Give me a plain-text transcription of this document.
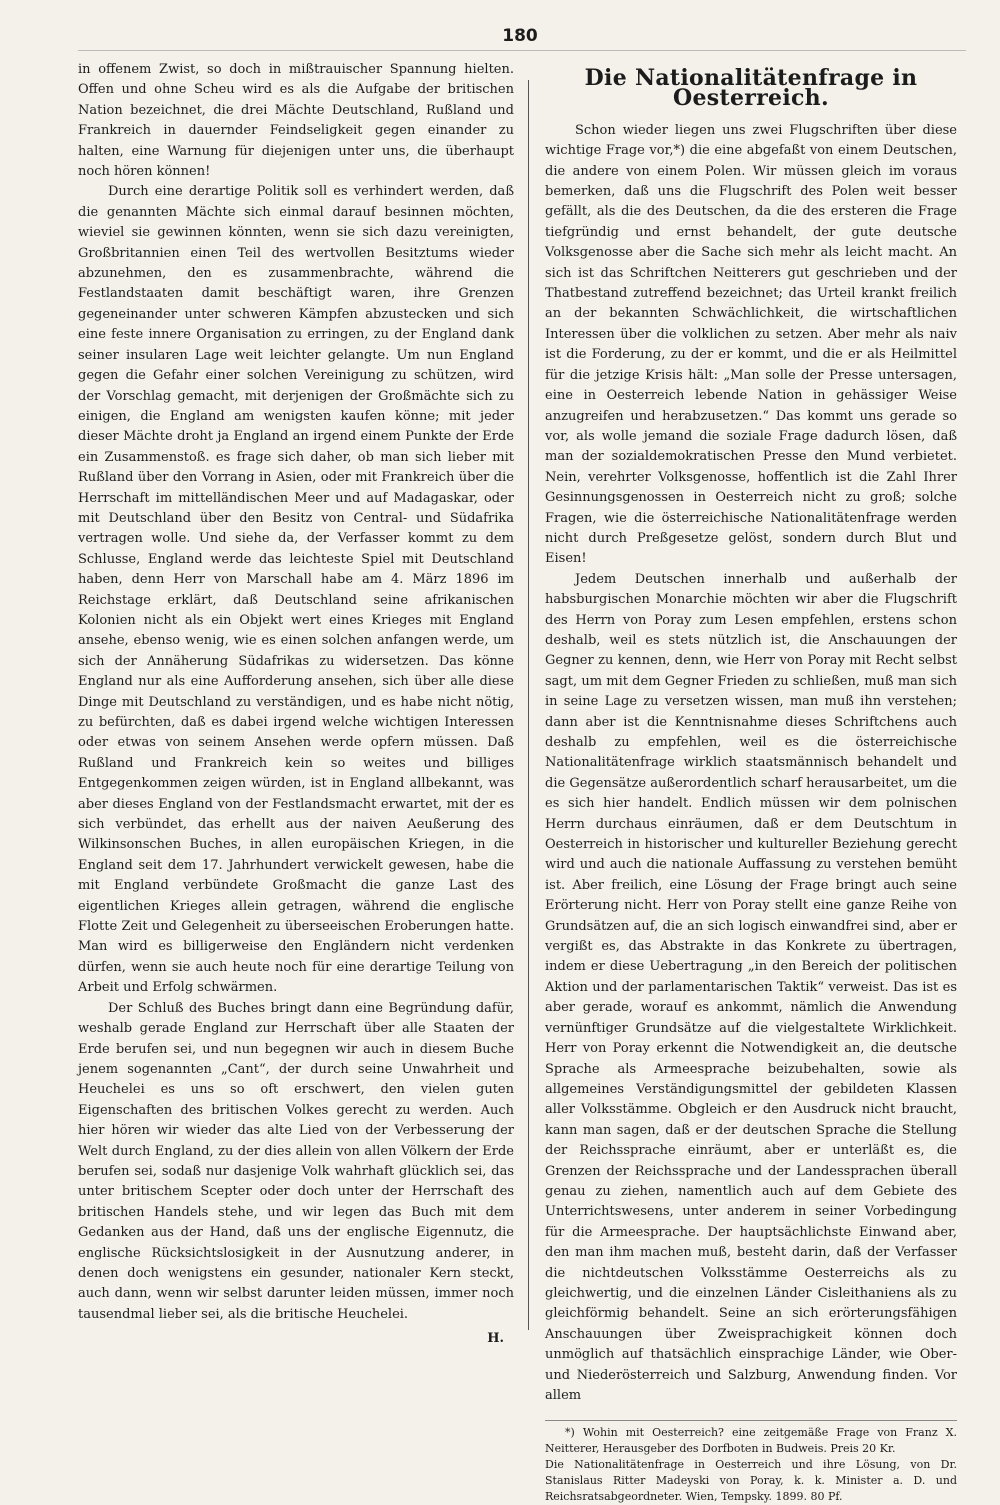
180

in offenem Zwist, so doch in mißtrauischer Spannung hielten. Offen und ohne Scheu wird es als die Aufgabe der britischen Nation bezeichnet, die drei Mächte Deutschland, Rußland und Frankreich in dauernder Feindseligkeit gegen einander zu halten, eine Warnung für diejenigen unter uns, die überhaupt noch hören können!

Durch eine derartige Politik soll es verhindert werden, daß die genannten Mächte sich einmal darauf besinnen möchten, wieviel sie gewinnen könnten, wenn sie sich dazu vereinigten, Großbritannien einen Teil des wertvollen Besitztums wieder abzunehmen, den es zusammenbrachte, während die Festlandstaaten damit beschäftigt waren, ihre Grenzen gegeneinander unter schweren Kämpfen abzustecken und sich eine feste innere Organisation zu erringen, zu der England dank seiner insularen Lage weit leichter gelangte. Um nun England gegen die Gefahr einer solchen Vereinigung zu schützen, wird der Vorschlag gemacht, mit derjenigen der Großmächte sich zu einigen, die England am wenigsten kaufen könne; mit jeder dieser Mächte droht ja England an irgend einem Punkte der Erde ein Zusammenstoß. es frage sich daher, ob man sich lieber mit Rußland über den Vorrang in Asien, oder mit Frankreich über die Herrschaft im mittelländischen Meer und auf Madagaskar, oder mit Deutschland über den Besitz von Central- und Südafrika vertragen wolle. Und siehe da, der Verfasser kommt zu dem Schlusse, England werde das leichteste Spiel mit Deutschland haben, denn Herr von Marschall habe am 4. März 1896 im Reichstage erklärt, daß Deutschland seine afrikanischen Kolonien nicht als ein Objekt wert eines Krieges mit England ansehe, ebenso wenig, wie es einen solchen anfangen werde, um sich der Annäherung Südafrikas zu widersetzen. Das könne England nur als eine Aufforderung ansehen, sich über alle diese Dinge mit Deutschland zu verständigen, und es habe nicht nötig, zu befürchten, daß es dabei irgend welche wichtigen Interessen oder etwas von seinem Ansehen werde opfern müssen. Daß Rußland und Frankreich kein so weites und billiges Entgegenkommen zeigen würden, ist in England allbekannt, was aber dieses England von der Festlandsmacht erwartet, mit der es sich verbündet, das erhellt aus der naiven Aeußerung des Wilkinsonschen Buches, in allen europäischen Kriegen, in die England seit dem 17. Jahrhundert verwickelt gewesen, habe die mit England verbündete Großmacht die ganze Last des eigentlichen Krieges allein getragen, während die englische Flotte Zeit und Gelegenheit zu überseeischen Eroberungen hatte. Man wird es billigerweise den Engländern nicht verdenken dürfen, wenn sie auch heute noch für eine derartige Teilung von Arbeit und Erfolg schwärmen.

Der Schluß des Buches bringt dann eine Begründung dafür, weshalb gerade England zur Herrschaft über alle Staaten der Erde berufen sei, und nun begegnen wir auch in diesem Buche jenem sogenannten „Cant“, der durch seine Unwahrheit und Heuchelei es uns so oft erschwert, den vielen guten Eigenschaften des britischen Volkes gerecht zu werden. Auch hier hören wir wieder das alte Lied von der Verbesserung der Welt durch England, zu der dies allein von allen Völkern der Erde berufen sei, sodaß nur dasjenige Volk wahrhaft glücklich sei, das unter britischem Scepter oder doch unter der Herrschaft des britischen Handels stehe, und wir legen das Buch mit dem Gedanken aus der Hand, daß uns der englische Eigennutz, die englische Rücksichtslosigkeit in der Ausnutzung anderer, in denen doch wenigstens ein gesunder, nationaler Kern steckt, auch dann, wenn wir selbst darunter leiden müssen, immer noch tausendmal lieber sei, als die britische Heuchelei.

H.
Die Nationalitätenfrage in Oesterreich.

Schon wieder liegen uns zwei Flugschriften über diese wichtige Frage vor,*) die eine abgefaßt von einem Deutschen, die andere von einem Polen. Wir müssen gleich im voraus bemerken, daß uns die Flugschrift des Polen weit besser gefällt, als die des Deutschen, da die des ersteren die Frage tiefgründig und ernst behandelt, der gute deutsche Volksgenosse aber die Sache sich mehr als leicht macht. An sich ist das Schriftchen Neitterers gut geschrieben und der Thatbestand zutreffend bezeichnet; das Urteil krankt freilich an der bekannten Schwächlichkeit, die wirtschaftlichen Interessen über die volklichen zu setzen. Aber mehr als naiv ist die Forderung, zu der er kommt, und die er als Heilmittel für die jetzige Krisis hält: „Man solle der Presse untersagen, eine in Oesterreich lebende Nation in gehässiger Weise anzugreifen und herabzusetzen.“ Das kommt uns gerade so vor, als wolle jemand die soziale Frage dadurch lösen, daß man der sozialdemokratischen Presse den Mund verbietet. Nein, verehrter Volksgenosse, hoffentlich ist die Zahl Ihrer Gesinnungsgenossen in Oesterreich nicht zu groß; solche Fragen, wie die österreichische Nationalitätenfrage werden nicht durch Preßgesetze gelöst, sondern durch Blut und Eisen!

Jedem Deutschen innerhalb und außerhalb der habsburgischen Monarchie möchten wir aber die Flugschrift des Herrn von Poray zum Lesen empfehlen, erstens schon deshalb, weil es stets nützlich ist, die Anschauungen der Gegner zu kennen, denn, wie Herr von Poray mit Recht selbst sagt, um mit dem Gegner Frieden zu schließen, muß man sich in seine Lage zu versetzen wissen, man muß ihn verstehen; dann aber ist die Kenntnisnahme dieses Schriftchens auch deshalb zu empfehlen, weil es die österreichische Nationalitätenfrage wirklich staatsmännisch behandelt und die Gegensätze außerordentlich scharf herausarbeitet, um die es sich hier handelt. Endlich müssen wir dem polnischen Herrn durchaus einräumen, daß er dem Deutschtum in Oesterreich in historischer und kultureller Beziehung gerecht wird und auch die nationale Auffassung zu verstehen bemüht ist. Aber freilich, eine Lösung der Frage bringt auch seine Erörterung nicht. Herr von Poray stellt eine ganze Reihe von Grundsätzen auf, die an sich logisch einwandfrei sind, aber er vergißt es, das Abstrakte in das Konkrete zu übertragen, indem er diese Uebertragung „in den Bereich der politischen Aktion und der parlamentarischen Taktik“ verweist. Das ist es aber gerade, worauf es ankommt, nämlich die Anwendung vernünftiger Grundsätze auf die vielgestaltete Wirklichkeit. Herr von Poray erkennt die Notwendigkeit an, die deutsche Sprache als Armeesprache beizubehalten, sowie als allgemeines Verständigungsmittel der gebildeten Klassen aller Volksstämme. Obgleich er den Ausdruck nicht braucht, kann man sagen, daß er der deutschen Sprache die Stellung der Reichssprache einräumt, aber er unterläßt es, die Grenzen der Reichssprache und der Landessprachen überall genau zu ziehen, namentlich auch auf dem Gebiete des Unterrichtswesens, unter anderem in seiner Vorbedingung für die Armeesprache. Der hauptsächlichste Einwand aber, den man ihm machen muß, besteht darin, daß der Verfasser die nichtdeutschen Volksstämme Oesterreichs als zu gleichwertig, und die einzelnen Länder Cisleithaniens als zu gleichförmig behandelt. Seine an sich erörterungsfähigen Anschauungen über Zweisprachigkeit können doch unmöglich auf thatsächlich einsprachige Länder, wie Ober- und Niederösterreich und Salzburg, Anwendung finden. Vor allem

*) Wohin mit Oesterreich? eine zeitgemäße Frage von Franz X. Neitterer, Herausgeber des Dorfboten in Budweis. Preis 20 Kr.

Die Nationalitätenfrage in Oesterreich und ihre Lösung, von Dr. Stanislaus Ritter Madeyski von Poray, k. k. Minister a. D. und Reichsratsabgeordneter. Wien, Tempsky. 1899. 80 Pf.
